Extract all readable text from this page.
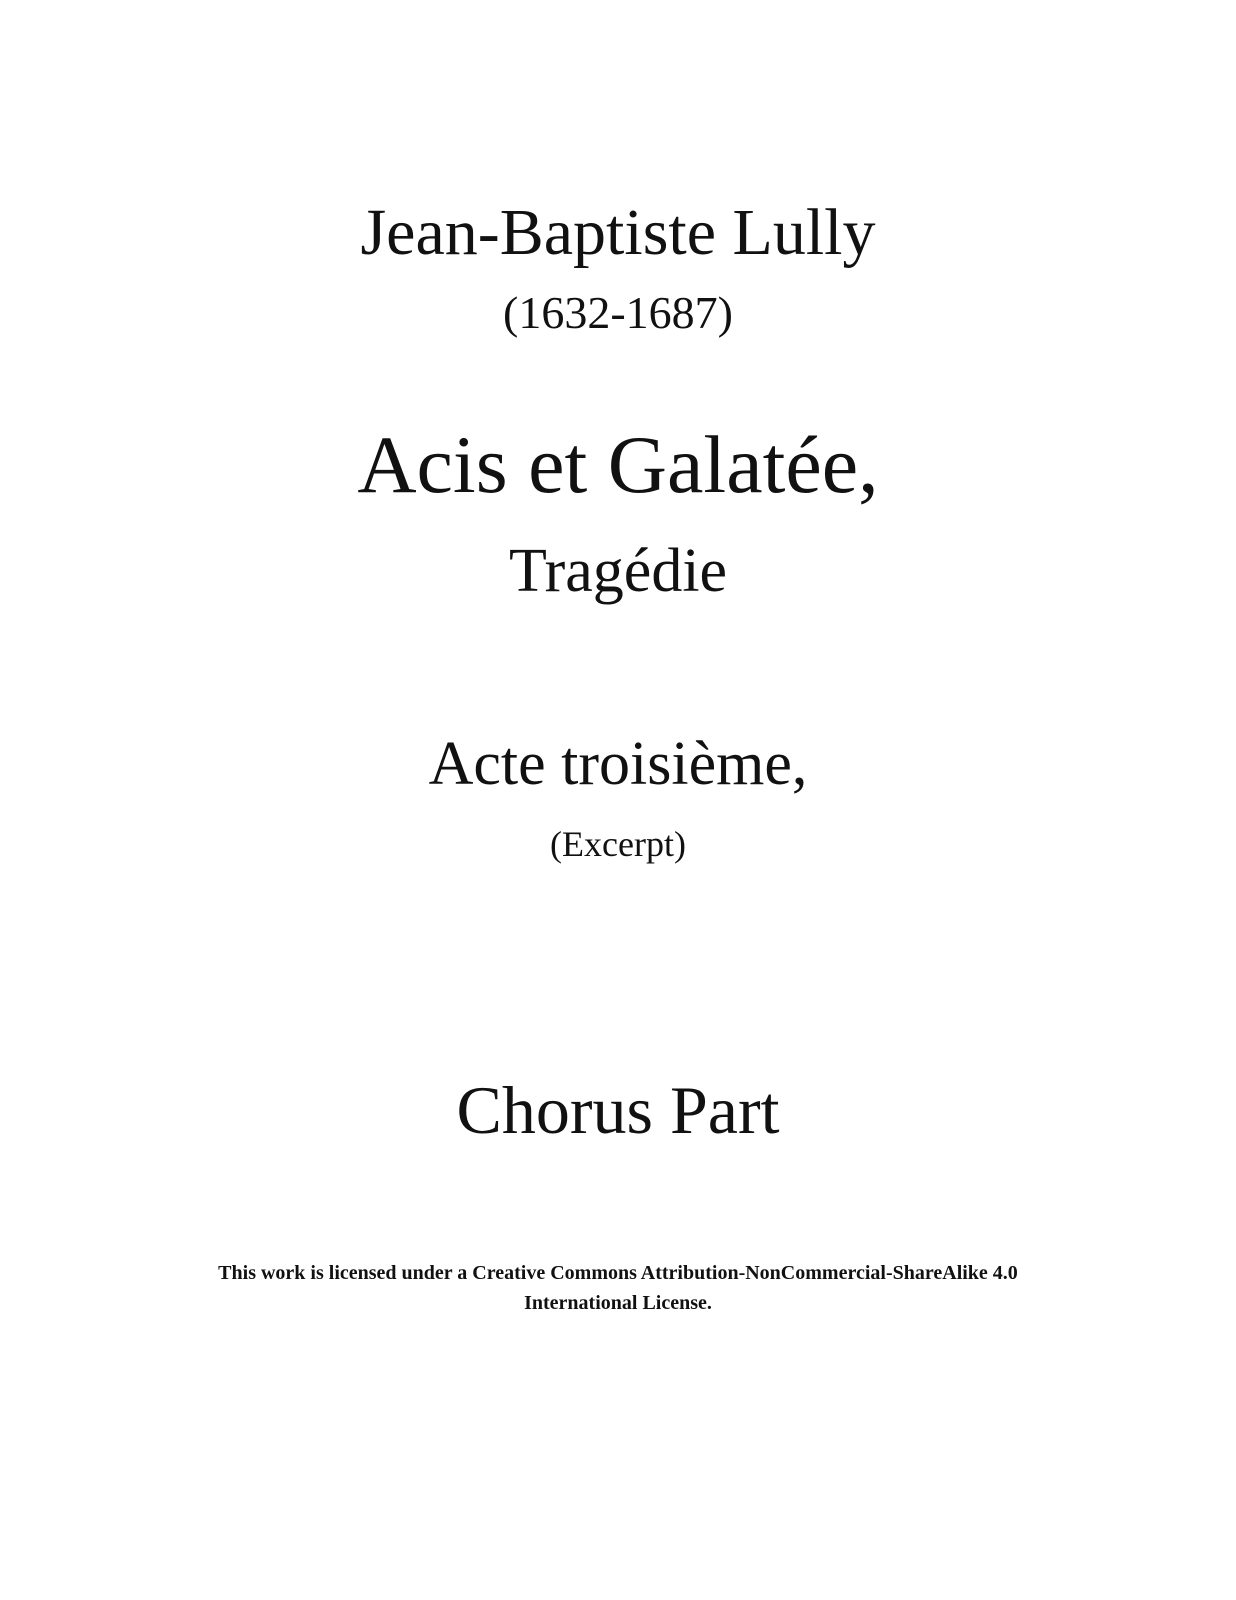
Jean-Baptiste Lully
(1632-1687)
Acis et Galatée,
Tragédie
Acte troisième,
(Excerpt)
Chorus Part
This work is licensed under a Creative Commons Attribution-NonCommercial-ShareAlike 4.0
International License.
